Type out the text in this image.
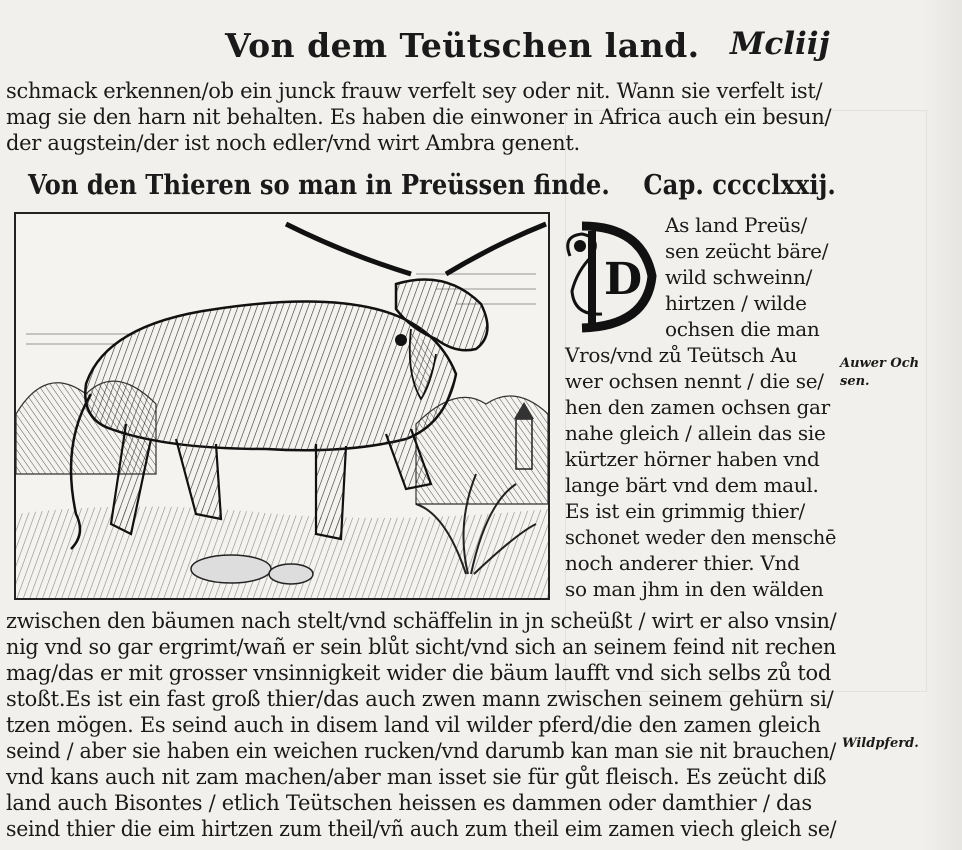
Von dem Teütschen land. Mcliij
schmack erkennen/ob ein junck frauw verfelt sey oder nit. Wann sie verfelt ist/
mag sie den harn nit behalten. Es haben die einwoner in Africa auch ein besun/
der augstein/der ist noch edler/vnd wirt Ambra genent.
Von den Thieren so man in Preüssen finde. Cap. cccclxxij.
D
As land Preüs/
sen zeücht bäre/
wild schweinn/
hirtzen / wilde
ochsen die man
Vros/vnd zů Teütsch Au
wer ochsen nennt / die se/
hen den zamen ochsen gar
nahe gleich / allein das sie
kürtzer hörner haben vnd
lange bärt vnd dem maul.
Es ist ein grimmig thier/
schonet weder den menschē
noch anderer thier. Vnd
so man jhm in den wälden
Auwer Och
sen.
zwischen den bäumen nach stelt/vnd schäffelin in jn scheüßt / wirt er also vnsin/
nig vnd so gar ergrimt/wañ er sein blůt sicht/vnd sich an seinem feind nit rechen
mag/das er mit grosser vnsinnigkeit wider die bäum laufft vnd sich selbs zů tod
stoßt.Es ist ein fast groß thier/das auch zwen mann zwischen seinem gehürn si/
tzen mögen. Es seind auch in disem land vil wilder pferd/die den zamen gleich
seind / aber sie haben ein weichen rucken/vnd darumb kan man sie nit brauchen/
vnd kans auch nit zam machen/aber man isset sie für gůt fleisch. Es zeücht diß
land auch Bisontes / etlich Teütschen heissen es dammen oder damthier / das
seind thier die eim hirtzen zum theil/vñ auch zum theil eim zamen viech gleich se/
Wildpferd.
